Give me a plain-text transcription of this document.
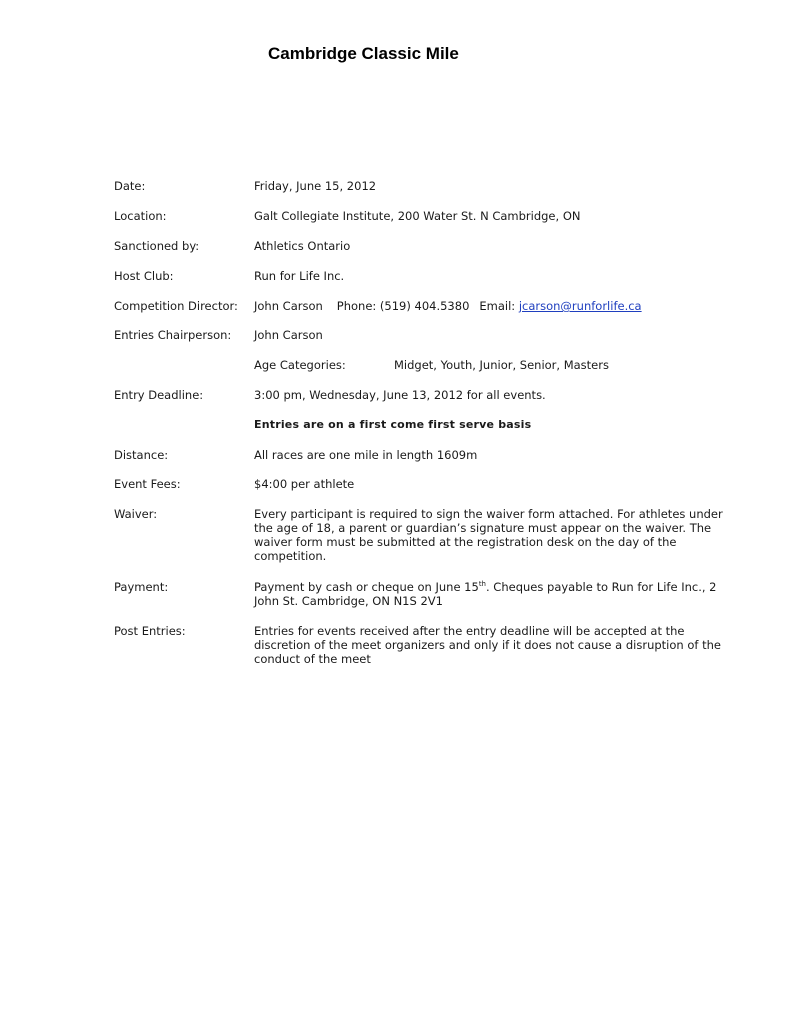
Cambridge Classic Mile
Date:	Friday, June 15, 2012
Location:	Galt Collegiate Institute, 200 Water St. N Cambridge, ON
Sanctioned by:	Athletics Ontario
Host Club:	Run for Life Inc.
Competition Director: John Carson Phone: (519) 404.5380 Email: jcarson@runforlife.ca
Entries Chairperson: John Carson
Age Categories:	Midget, Youth, Junior, Senior, Masters
Entry Deadline:	3:00 pm, Wednesday, June 13, 2012 for all events.
Entries are on a first come first serve basis
Distance:	All races are one mile in length 1609m
Event Fees:	$4:00 per athlete
Waiver:	Every participant is required to sign the waiver form attached. For athletes under the age of 18, a parent or guardian’s signature must appear on the waiver. The waiver form must be submitted at the registration desk on the day of the competition.
Payment:	Payment by cash or cheque on June 15th. Cheques payable to Run for Life Inc., 2 John St. Cambridge, ON N1S 2V1
Post Entries:	Entries for events received after the entry deadline will be accepted at the discretion of the meet organizers and only if it does not cause a disruption of the conduct of the meet
